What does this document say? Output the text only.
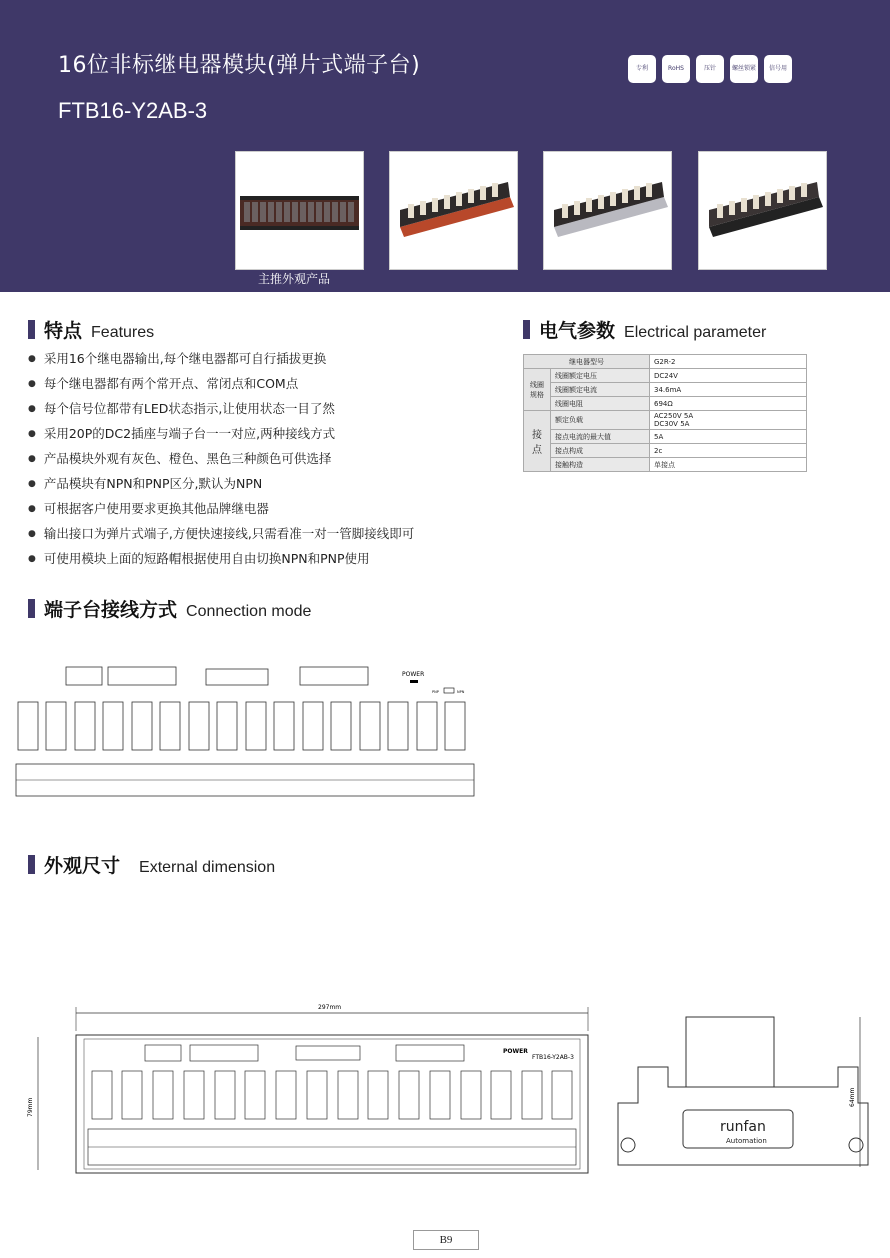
16位非标继电器模块(弹片式端子台)
FTB16-Y2AB-3
专利	RoHS	压针	螺丝锁紧 信号用
主推外观产品
特点 Features
● 采用16个继电器输出,每个继电器都可自行插拔更换
● 每个继电器都有两个常开点、常闭点和COM点
● 每个信号位都带有LED状态指示,让使用状态一目了然
● 采用20P的DC2插座与端子台一一对应,两种接线方式
● 产品模块外观有灰色、橙色、黑色三种颜色可供选择
● 产品模块有NPN和PNP区分,默认为NPN
● 可根据客户使用要求更换其他品牌继电器
● 输出接口为弹片式端子,方便快速接线,只需看准一对一管脚接线即可
● 可使用模块上面的短路帽根据使用自由切换NPN和PNP使用
电气参数 Electrical parameter
继电器型号		G2R-2
线圈规格	线圈额定电压	DC24V
	线圈额定电流	34.6mA
	线圈电阻	694Ω
接点	额定负载	AC250V 5A
DC30V 5A

	接点电流的最大值	5A
	接点构成	2c
	接触构造	单接点
端子台接线方式 Connection mode
POWER
PNP	NPN
外观尺寸 External dimension
297mm
79mm
POWER
FTB16-Y2AB-3
runfan
Automation
64mm
B9
